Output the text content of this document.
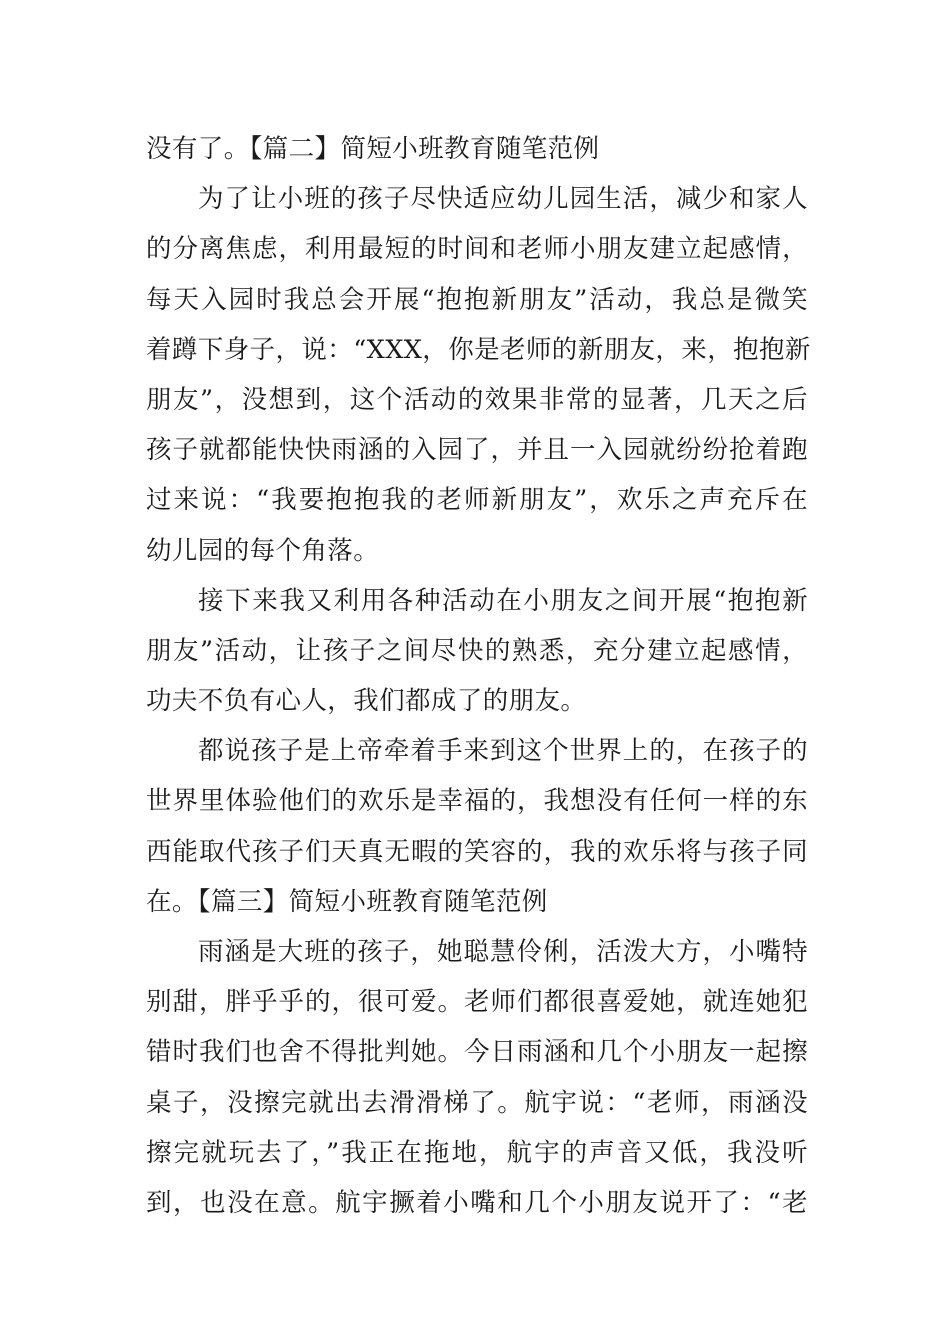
没有了。【篇二】简短小班教育随笔范例
为了让小班的孩子尽快适应幼儿园生活，减少和家人
的分离焦虑，利用最短的时间和老师小朋友建立起感情，
每天入园时我总会开展“抱抱新朋友”活动，我总是微笑
着蹲下身子，说：“XXX，你是老师的新朋友，来，抱抱新
朋友”，没想到，这个活动的效果非常的显著，几天之后
孩子就都能快快雨涵的入园了，并且一入园就纷纷抢着跑
过来说：“我要抱抱我的老师新朋友”，欢乐之声充斥在
幼儿园的每个角落。
接下来我又利用各种活动在小朋友之间开展“抱抱新
朋友”活动，让孩子之间尽快的熟悉，充分建立起感情，
功夫不负有心人，我们都成了的朋友。
都说孩子是上帝牵着手来到这个世界上的，在孩子的
世界里体验他们的欢乐是幸福的，我想没有任何一样的东
西能取代孩子们天真无暇的笑容的，我的欢乐将与孩子同
在。【篇三】简短小班教育随笔范例
雨涵是大班的孩子，她聪慧伶俐，活泼大方，小嘴特
别甜，胖乎乎的，很可爱。老师们都很喜爱她，就连她犯
错时我们也舍不得批判她。今日雨涵和几个小朋友一起擦
桌子，没擦完就出去滑滑梯了。航宇说：“老师，雨涵没
擦完就玩去了，”我正在拖地，航宇的声音又低，我没听
到，也没在意。航宇撅着小嘴和几个小朋友说开了：“老
